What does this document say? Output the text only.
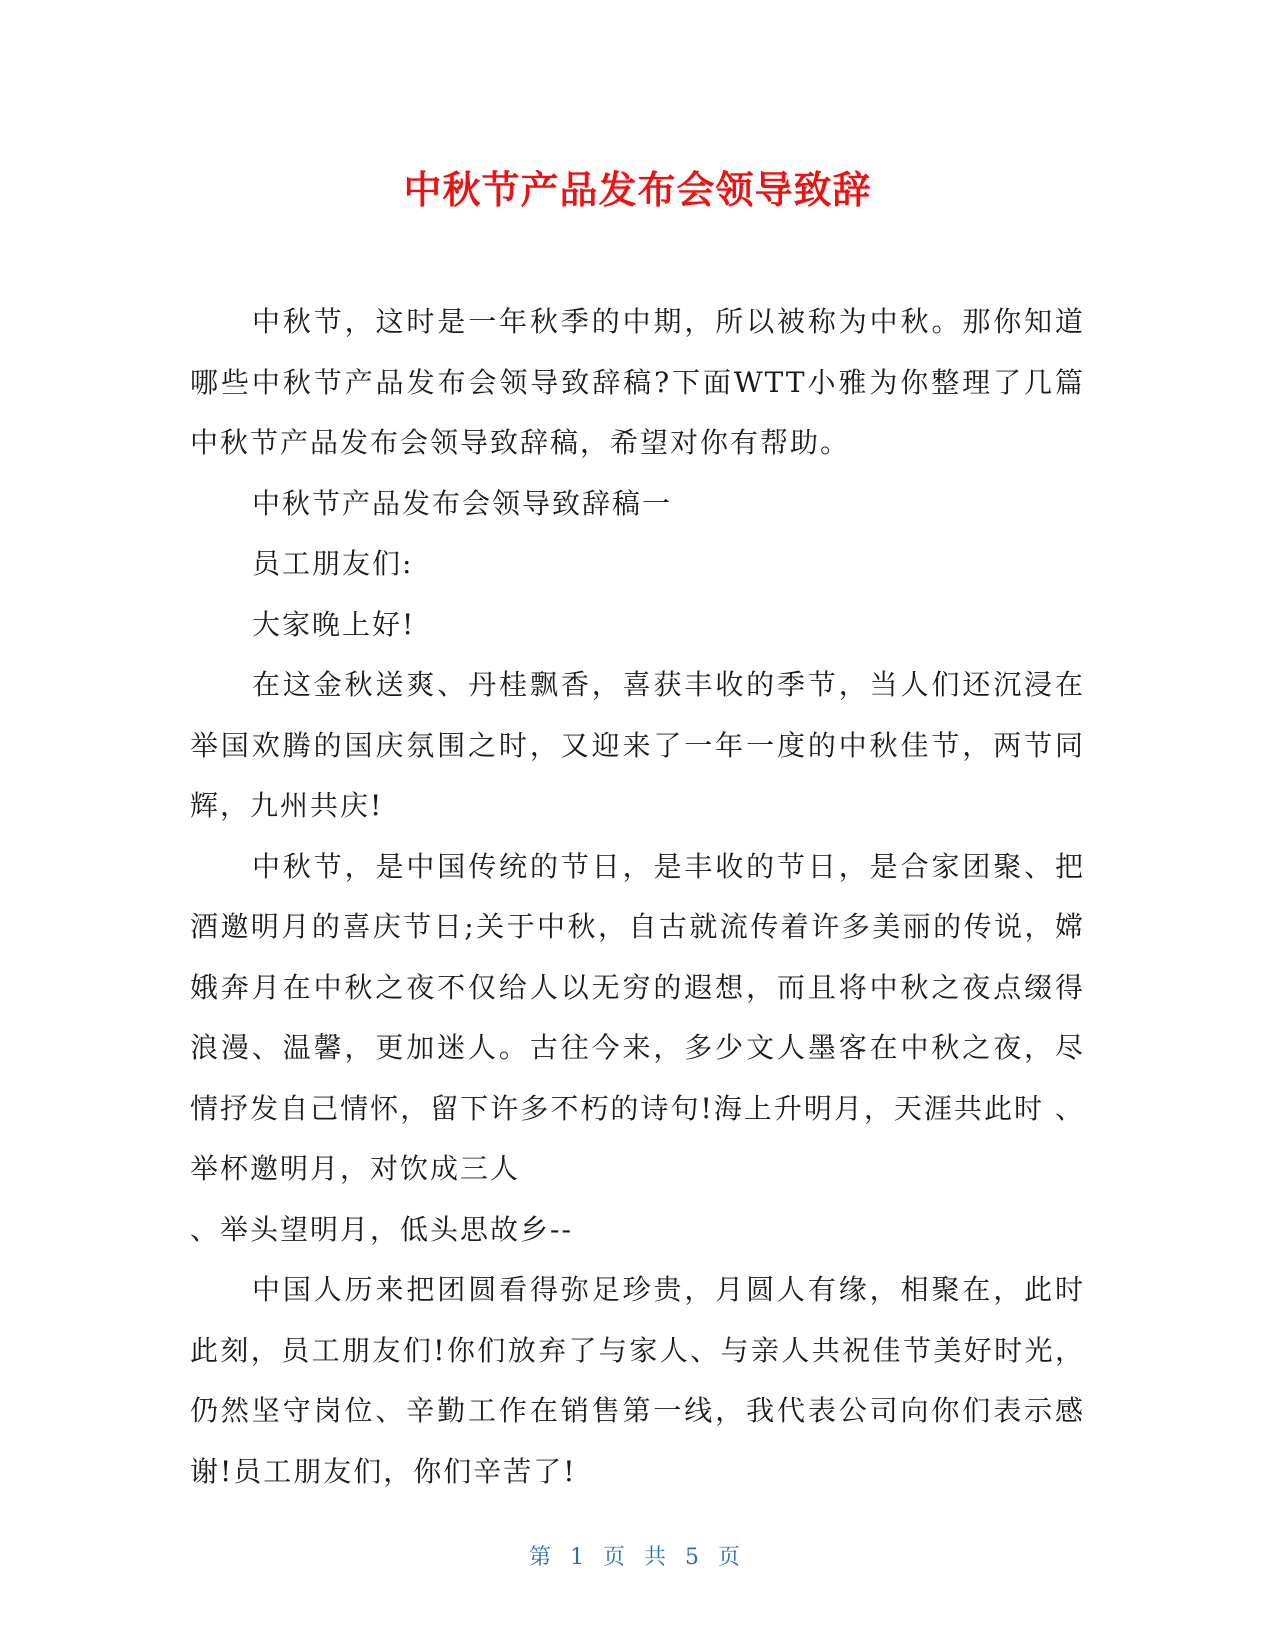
中秋节产品发布会领导致辞

中秋节，这时是一年秋季的中期，所以被称为中秋。那你知道哪些中秋节产品发布会领导致辞稿?下面WTT小雅为你整理了几篇中秋节产品发布会领导致辞稿，希望对你有帮助。

中秋节产品发布会领导致辞稿一

员工朋友们:

大家晚上好!

在这金秋送爽、丹桂飘香，喜获丰收的季节，当人们还沉浸在举国欢腾的国庆氛围之时，又迎来了一年一度的中秋佳节，两节同辉，九州共庆!

中秋节，是中国传统的节日，是丰收的节日，是合家团聚、把酒邀明月的喜庆节日;关于中秋，自古就流传着许多美丽的传说，嫦娥奔月在中秋之夜不仅给人以无穷的遐想，而且将中秋之夜点缀得浪漫、温馨，更加迷人。古往今来，多少文人墨客在中秋之夜，尽情抒发自己情怀，留下许多不朽的诗句!海上升明月，天涯共此时 、举杯邀明月，对饮成三人

、举头望明月，低头思故乡--

中国人历来把团圆看得弥足珍贵，月圆人有缘，相聚在，此时此刻，员工朋友们!你们放弃了与家人、与亲人共祝佳节美好时光，仍然坚守岗位、辛勤工作在销售第一线，我代表公司向你们表示感谢!员工朋友们，你们辛苦了!

第 1 页 共 5 页
